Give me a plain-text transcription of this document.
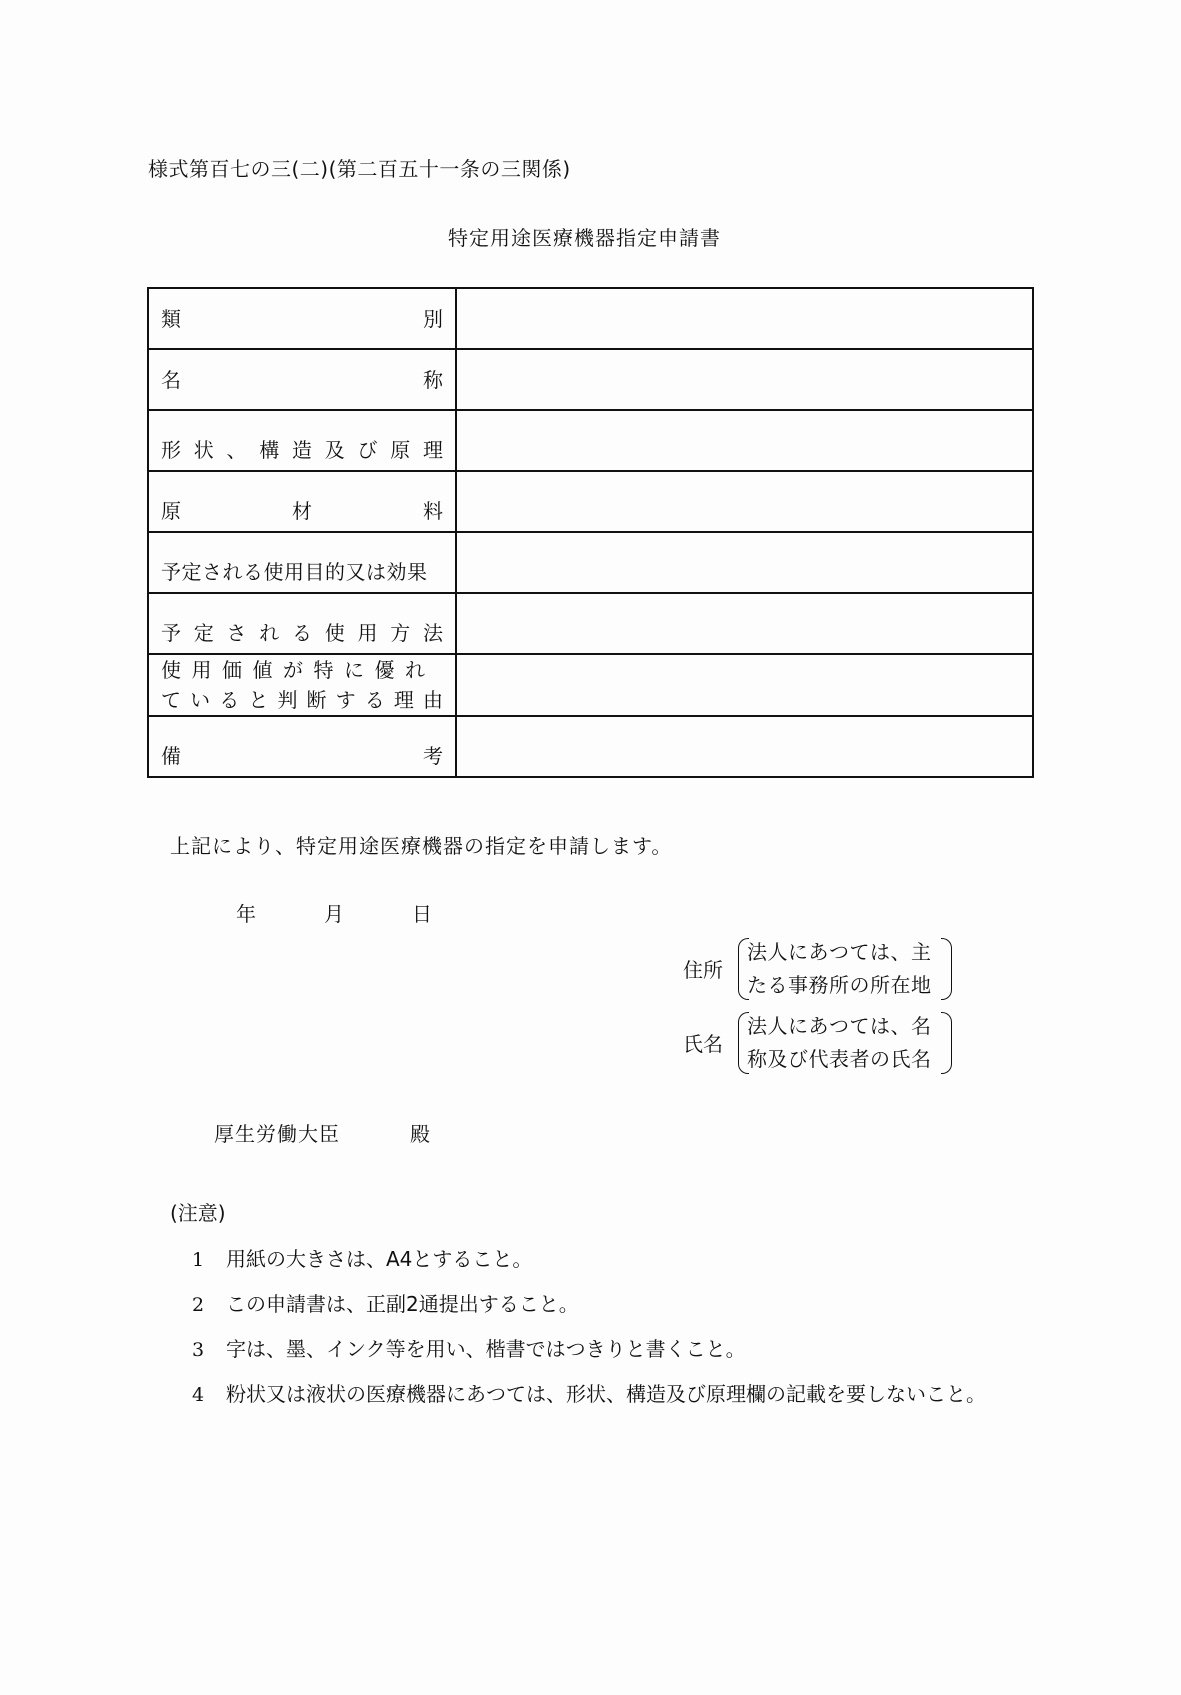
様式第百七の三(二)(第二百五十一条の三関係)
特定用途医療機器指定申請書
類 別	

名 称	

形 状 、 構 造 及 び 原 理

原 材 料	

予定される使用目的又は効果	

予 定 さ れ る 使 用 方 法

使 用 価 値 が 特 に 優 れ
て い る と 判 断 す る 理 由

備 考	

上記により、特定用途医療機器の指定を申請します。
年	月	日
住所
法人にあつては、主
たる事務所の所在地
氏名
法人にあつては、名
称及び代表者の氏名
厚生労働大臣	殿
(注意)
1 用紙の大きさは、A4とすること。
2 この申請書は、正副2通提出すること。
3 字は、墨、インク等を用い、楷書ではつきりと書くこと。
4 粉状又は液状の医療機器にあつては、形状、構造及び原理欄の記載を要しないこと。
